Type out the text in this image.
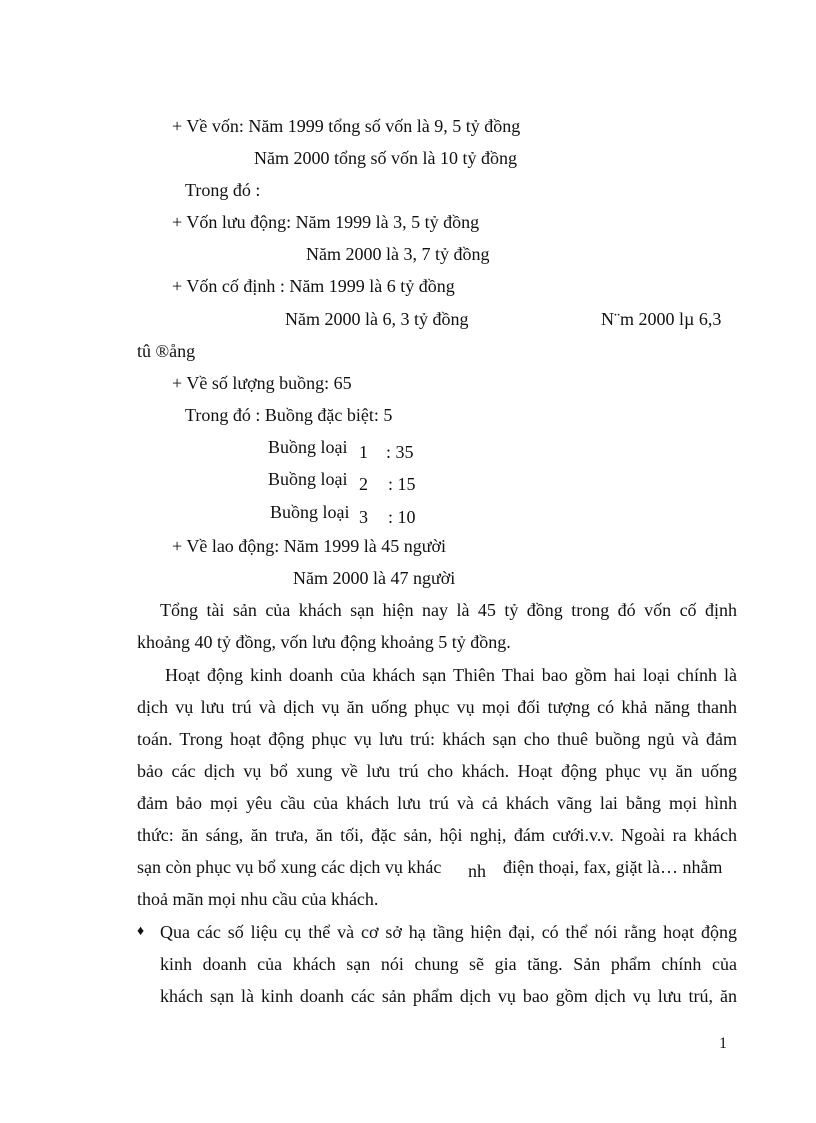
+ Về vốn: Năm 1999 tổng số vốn là 9, 5 tỷ đồng
Năm 2000 tổng số vốn là 10 tỷ đồng
Trong đó :
+ Vốn lưu động: Năm 1999 là 3, 5 tỷ đồng
Năm 2000 là 3, 7 tỷ đồng
+ Vốn cố định : Năm 1999 là 6 tỷ đồng
Năm 2000 là 6, 3 tỷ đồng	N¨m 2000 lµ 6,3
tû ®ång
+ Về số lượng buồng: 65
Trong đó : Buồng đặc biệt: 5
Buồng loại 1 : 35
Buồng loại 2 : 15
Buồng loại 3 : 10
+ Về lao động: Năm 1999 là 45 người
Năm 2000 là 47 người
Tổng tài sản của khách sạn hiện nay là 45 tỷ đồng trong đó vốn cố định
khoảng 40 tỷ đồng, vốn lưu động khoảng 5 tỷ đồng.
Hoạt động kinh doanh của khách sạn Thiên Thai bao gồm hai loại chính là
dịch vụ lưu trú và dịch vụ ăn uống phục vụ mọi đối tượng có khả năng thanh
toán. Trong hoạt động phục vụ lưu trú: khách sạn cho thuê buồng ngủ và đảm
bảo các dịch vụ bổ xung về lưu trú cho khách. Hoạt động phục vụ ăn uống
đảm bảo mọi yêu cầu của khách lưu trú và cả khách vãng lai bằng mọi hình
thức: ăn sáng, ăn trưa, ăn tối, đặc sản, hội nghị, đám cưới.v.v. Ngoài ra khách
sạn còn phục vụ bổ xung các dịch vụ khác nh điện thoại, fax, giặt là… nhằm
thoả mãn mọi nhu cầu của khách.
♦ Qua các số liệu cụ thể và cơ sở hạ tầng hiện đại, có thể nói rằng hoạt động
kinh doanh của khách sạn nói chung sẽ gia tăng. Sản phẩm chính của
khách sạn là kinh doanh các sản phẩm dịch vụ bao gồm dịch vụ lưu trú, ăn
1
